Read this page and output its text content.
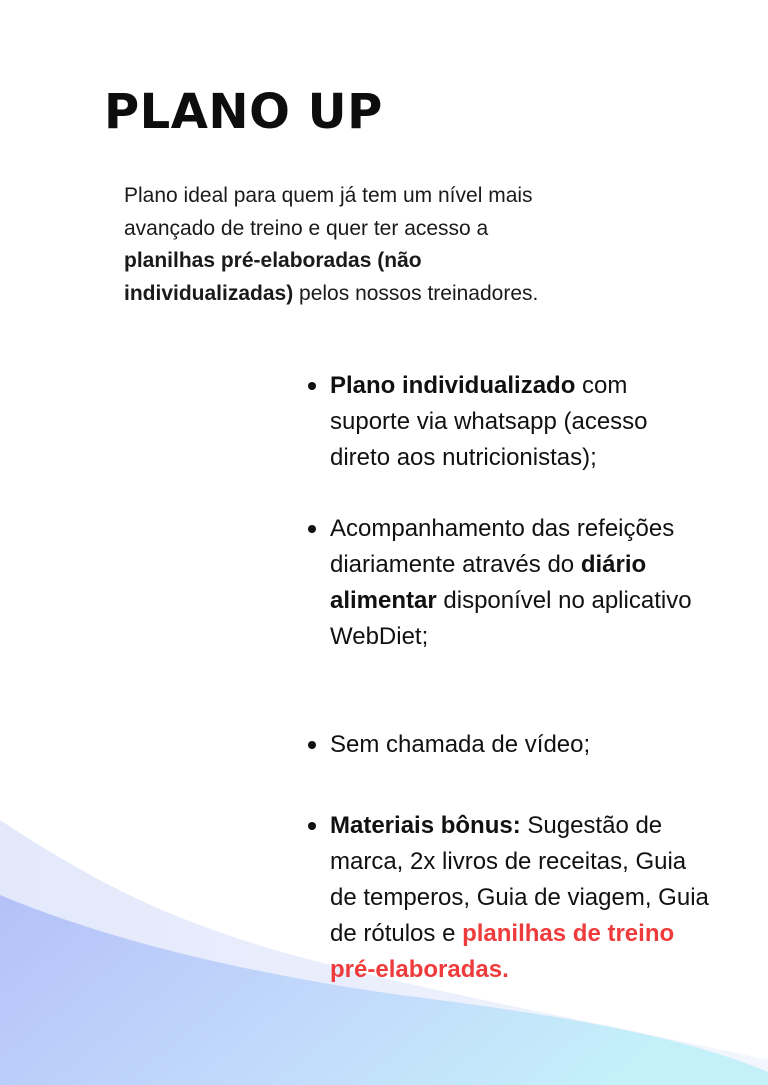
PLANO UP

Plano ideal para quem já tem um nível mais avançado de treino e quer ter acesso a planilhas pré-elaboradas (não individualizadas) pelos nossos treinadores.

Plano individualizado com suporte via whatsapp (acesso direto aos nutricionistas);

Acompanhamento das refeições diariamente através do diário alimentar disponível no aplicativo WebDiet;

Sem chamada de vídeo;

Materiais bônus: Sugestão de marca, 2x livros de receitas, Guia de temperos, Guia de viagem, Guia de rótulos e planilhas de treino pré-elaboradas.
